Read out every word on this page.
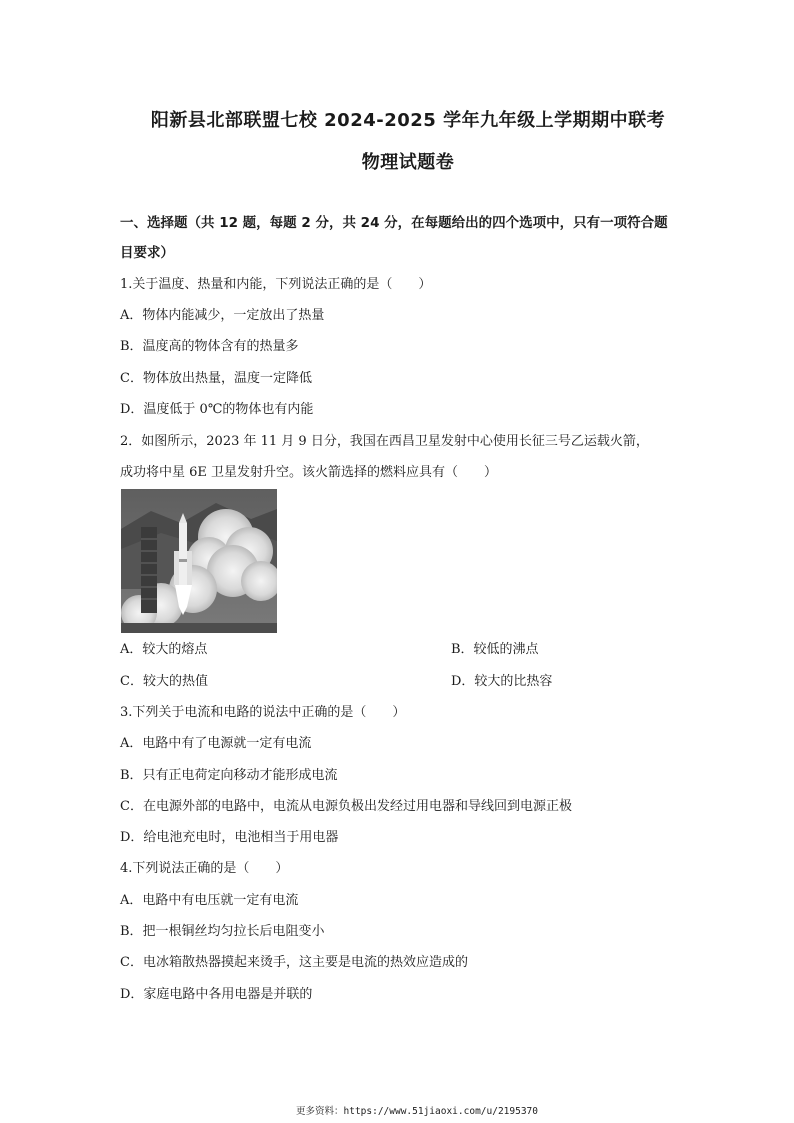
阳新县北部联盟七校 2024-2025 学年九年级上学期期中联考
物理试题卷
一、选择题（共 12 题，每题 2 分，共 24 分，在每题给出的四个选项中，只有一项符合题
目要求）
1.关于温度、热量和内能，下列说法正确的是（　　）
A．物体内能减少，一定放出了热量
B．温度高的物体含有的热量多
C．物体放出热量，温度一定降低
D．温度低于 0℃的物体也有内能
2．如图所示，2023 年 11 月 9 日分，我国在西昌卫星发射中心使用长征三号乙运载火箭，
成功将中星 6E 卫星发射升空。该火箭选择的燃料应具有（　　）
A．较大的熔点	B．较低的沸点
C．较大的热值	D．较大的比热容
3.下列关于电流和电路的说法中正确的是（　　）
A．电路中有了电源就一定有电流
B．只有正电荷定向移动才能形成电流
C．在电源外部的电路中，电流从电源负极出发经过用电器和导线回到电源正极
D．给电池充电时，电池相当于用电器
4.下列说法正确的是（　　）
A．电路中有电压就一定有电流
B．把一根铜丝均匀拉长后电阻变小
C．电冰箱散热器摸起来烫手，这主要是电流的热效应造成的
D．家庭电路中各用电器是并联的
更多资料：https://www.51jiaoxi.com/u/2195370
